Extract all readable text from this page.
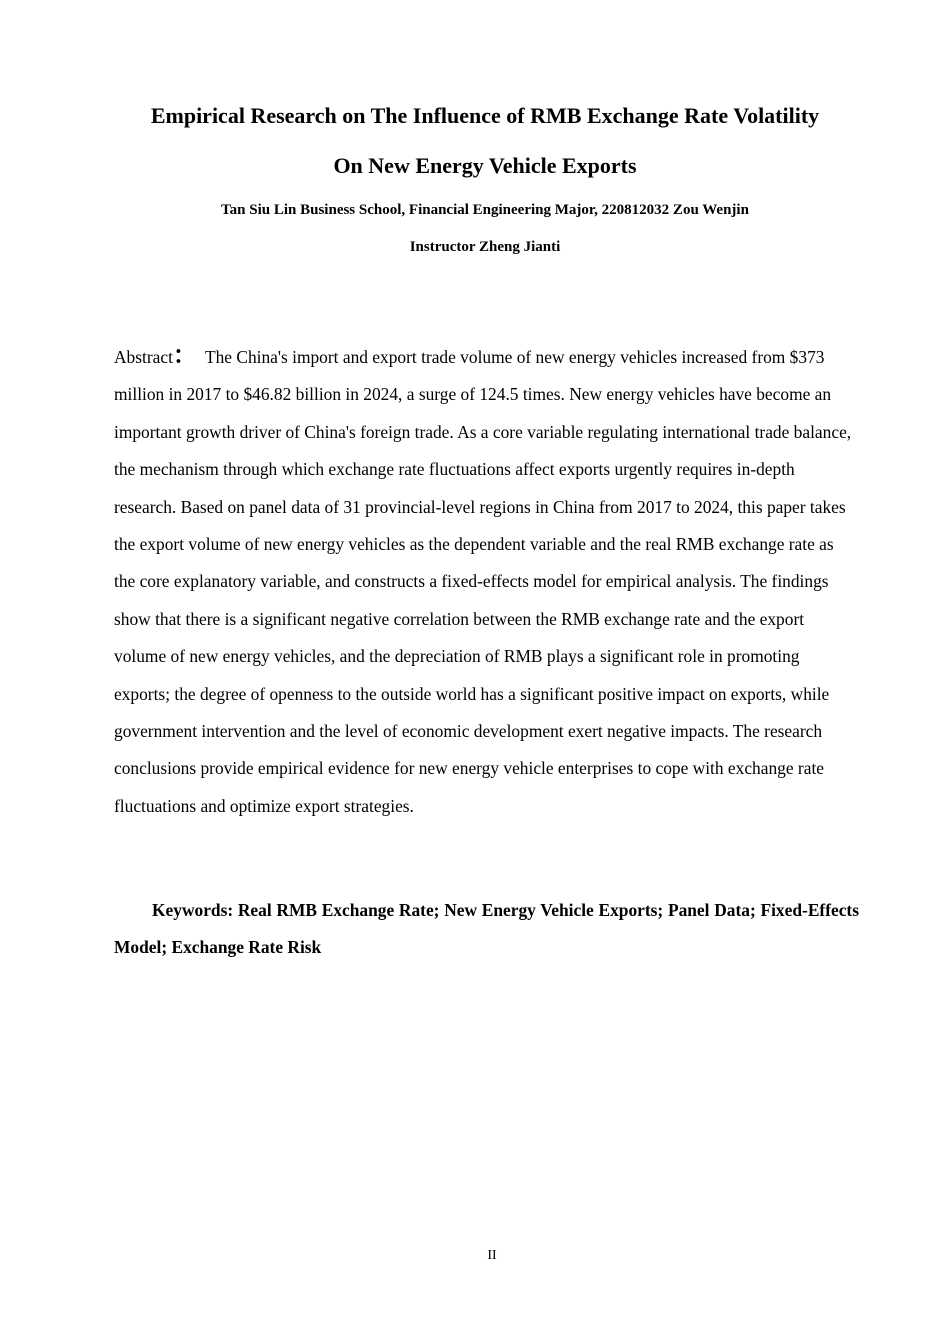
Empirical Research on The Influence of RMB Exchange Rate Volatility
On New Energy Vehicle Exports

Tan Siu Lin Business School, Financial Engineering Major, 220812032 Zou Wenjin

Instructor Zheng Jianti

Abstract： The China's import and export trade volume of new energy vehicles increased from $373 million in 2017 to $46.82 billion in 2024, a surge of 124.5 times. New energy vehicles have become an important growth driver of China's foreign trade. As a core variable regulating international trade balance, the mechanism through which exchange rate fluctuations affect exports urgently requires in-depth research. Based on panel data of 31 provincial-level regions in China from 2017 to 2024, this paper takes the export volume of new energy vehicles as the dependent variable and the real RMB exchange rate as the core explanatory variable, and constructs a fixed-effects model for empirical analysis. The findings show that there is a significant negative correlation between the RMB exchange rate and the export volume of new energy vehicles, and the depreciation of RMB plays a significant role in promoting exports; the degree of openness to the outside world has a significant positive impact on exports, while government intervention and the level of economic development exert negative impacts. The research conclusions provide empirical evidence for new energy vehicle enterprises to cope with exchange rate fluctuations and optimize export strategies.

Keywords: Real RMB Exchange Rate; New Energy Vehicle Exports; Panel Data; Fixed-Effects Model; Exchange Rate Risk

II
